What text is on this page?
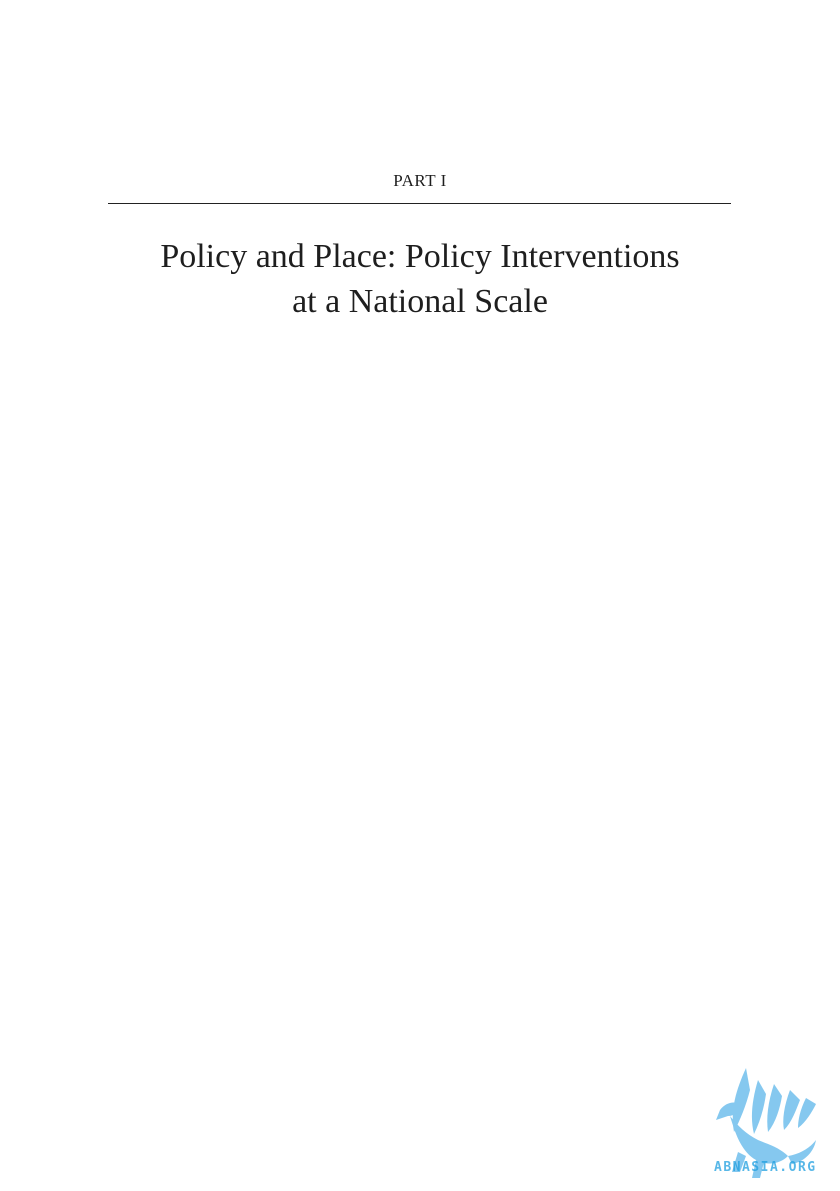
PART I
Policy and Place: Policy Interventions
at a National Scale
ABNASIA.ORG
